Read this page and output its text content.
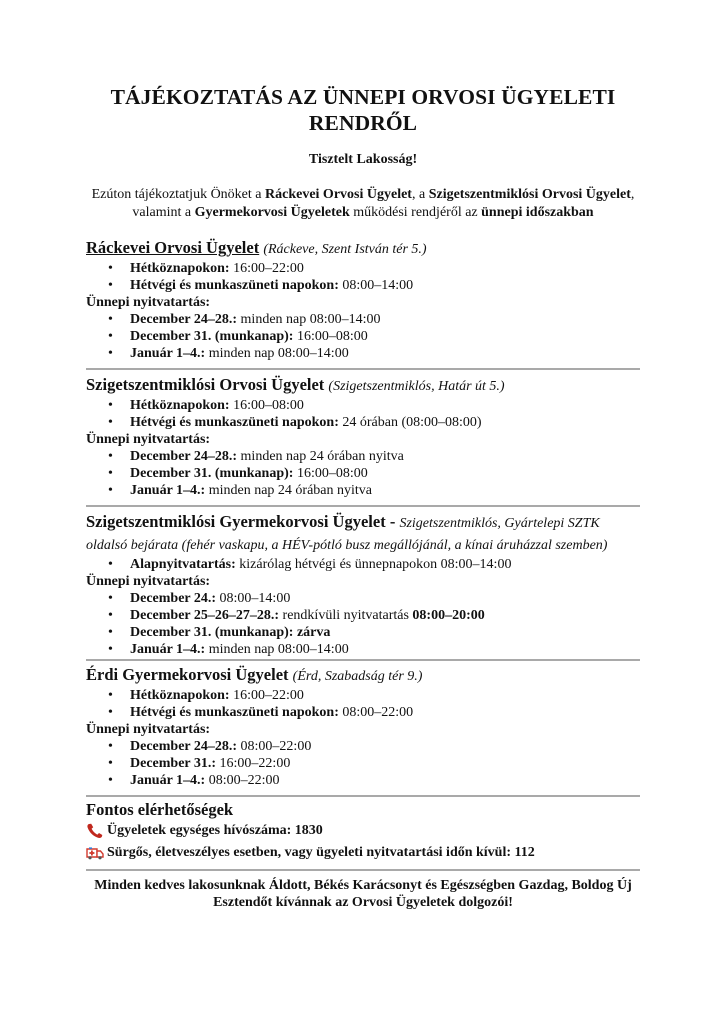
TÁJÉKOZTATÁS AZ ÜNNEPI ORVOSI ÜGYELETI RENDRŐL
Tisztelt Lakosság!
Ezúton tájékoztatjuk Önöket a Ráckevei Orvosi Ügyelet, a Szigetszentmiklósi Orvosi Ügyelet, valamint a Gyermekorvosi Ügyeletek működési rendjéről az ünnepi időszakban
Ráckevei Orvosi Ügyelet (Ráckeve, Szent István tér 5.)
• Hétköznapokon: 16:00–22:00
• Hétvégi és munkaszüneti napokon: 08:00–14:00
Ünnepi nyitvatartás:
• December 24–28.: minden nap 08:00–14:00
• December 31. (munkanap): 16:00–08:00
• Január 1–4.: minden nap 08:00–14:00
Szigetszentmiklósi Orvosi Ügyelet (Szigetszentmiklós, Határ út 5.)
• Hétköznapokon: 16:00–08:00
• Hétvégi és munkaszüneti napokon: 24 órában (08:00–08:00)
Ünnepi nyitvatartás:
• December 24–28.: minden nap 24 órában nyitva
• December 31. (munkanap): 16:00–08:00
• Január 1–4.: minden nap 24 órában nyitva
Szigetszentmiklósi Gyermekorvosi Ügyelet - Szigetszentmiklós, Gyártelepi SZTK oldalsó bejárata (fehér vaskapu, a HÉV-pótló busz megállójánál, a kínai áruházzal szemben)
• Alapnyitvatartás: kizárólag hétvégi és ünnepnapokon 08:00–14:00
Ünnepi nyitvatartás:
• December 24.: 08:00–14:00
• December 25–26–27–28.: rendkívüli nyitvatartás 08:00–20:00
• December 31. (munkanap): zárva
• Január 1–4.: minden nap 08:00–14:00
Érdi Gyermekorvosi Ügyelet (Érd, Szabadság tér 9.)
• Hétköznapokon: 16:00–22:00
• Hétvégi és munkaszüneti napokon: 08:00–22:00
Ünnepi nyitvatartás:
• December 24–28.: 08:00–22:00
• December 31.: 16:00–22:00
• Január 1–4.: 08:00–22:00
Fontos elérhetőségek
Ügyeletek egységes hívószáma: 1830
Sürgős, életveszélyes esetben, vagy ügyeleti nyitvatartási időn kívül: 112
Minden kedves lakosunknak Áldott, Békés Karácsonyt és Egészségben Gazdag, Boldog Új Esztendőt kívánnak az Orvosi Ügyeletek dolgozói!
